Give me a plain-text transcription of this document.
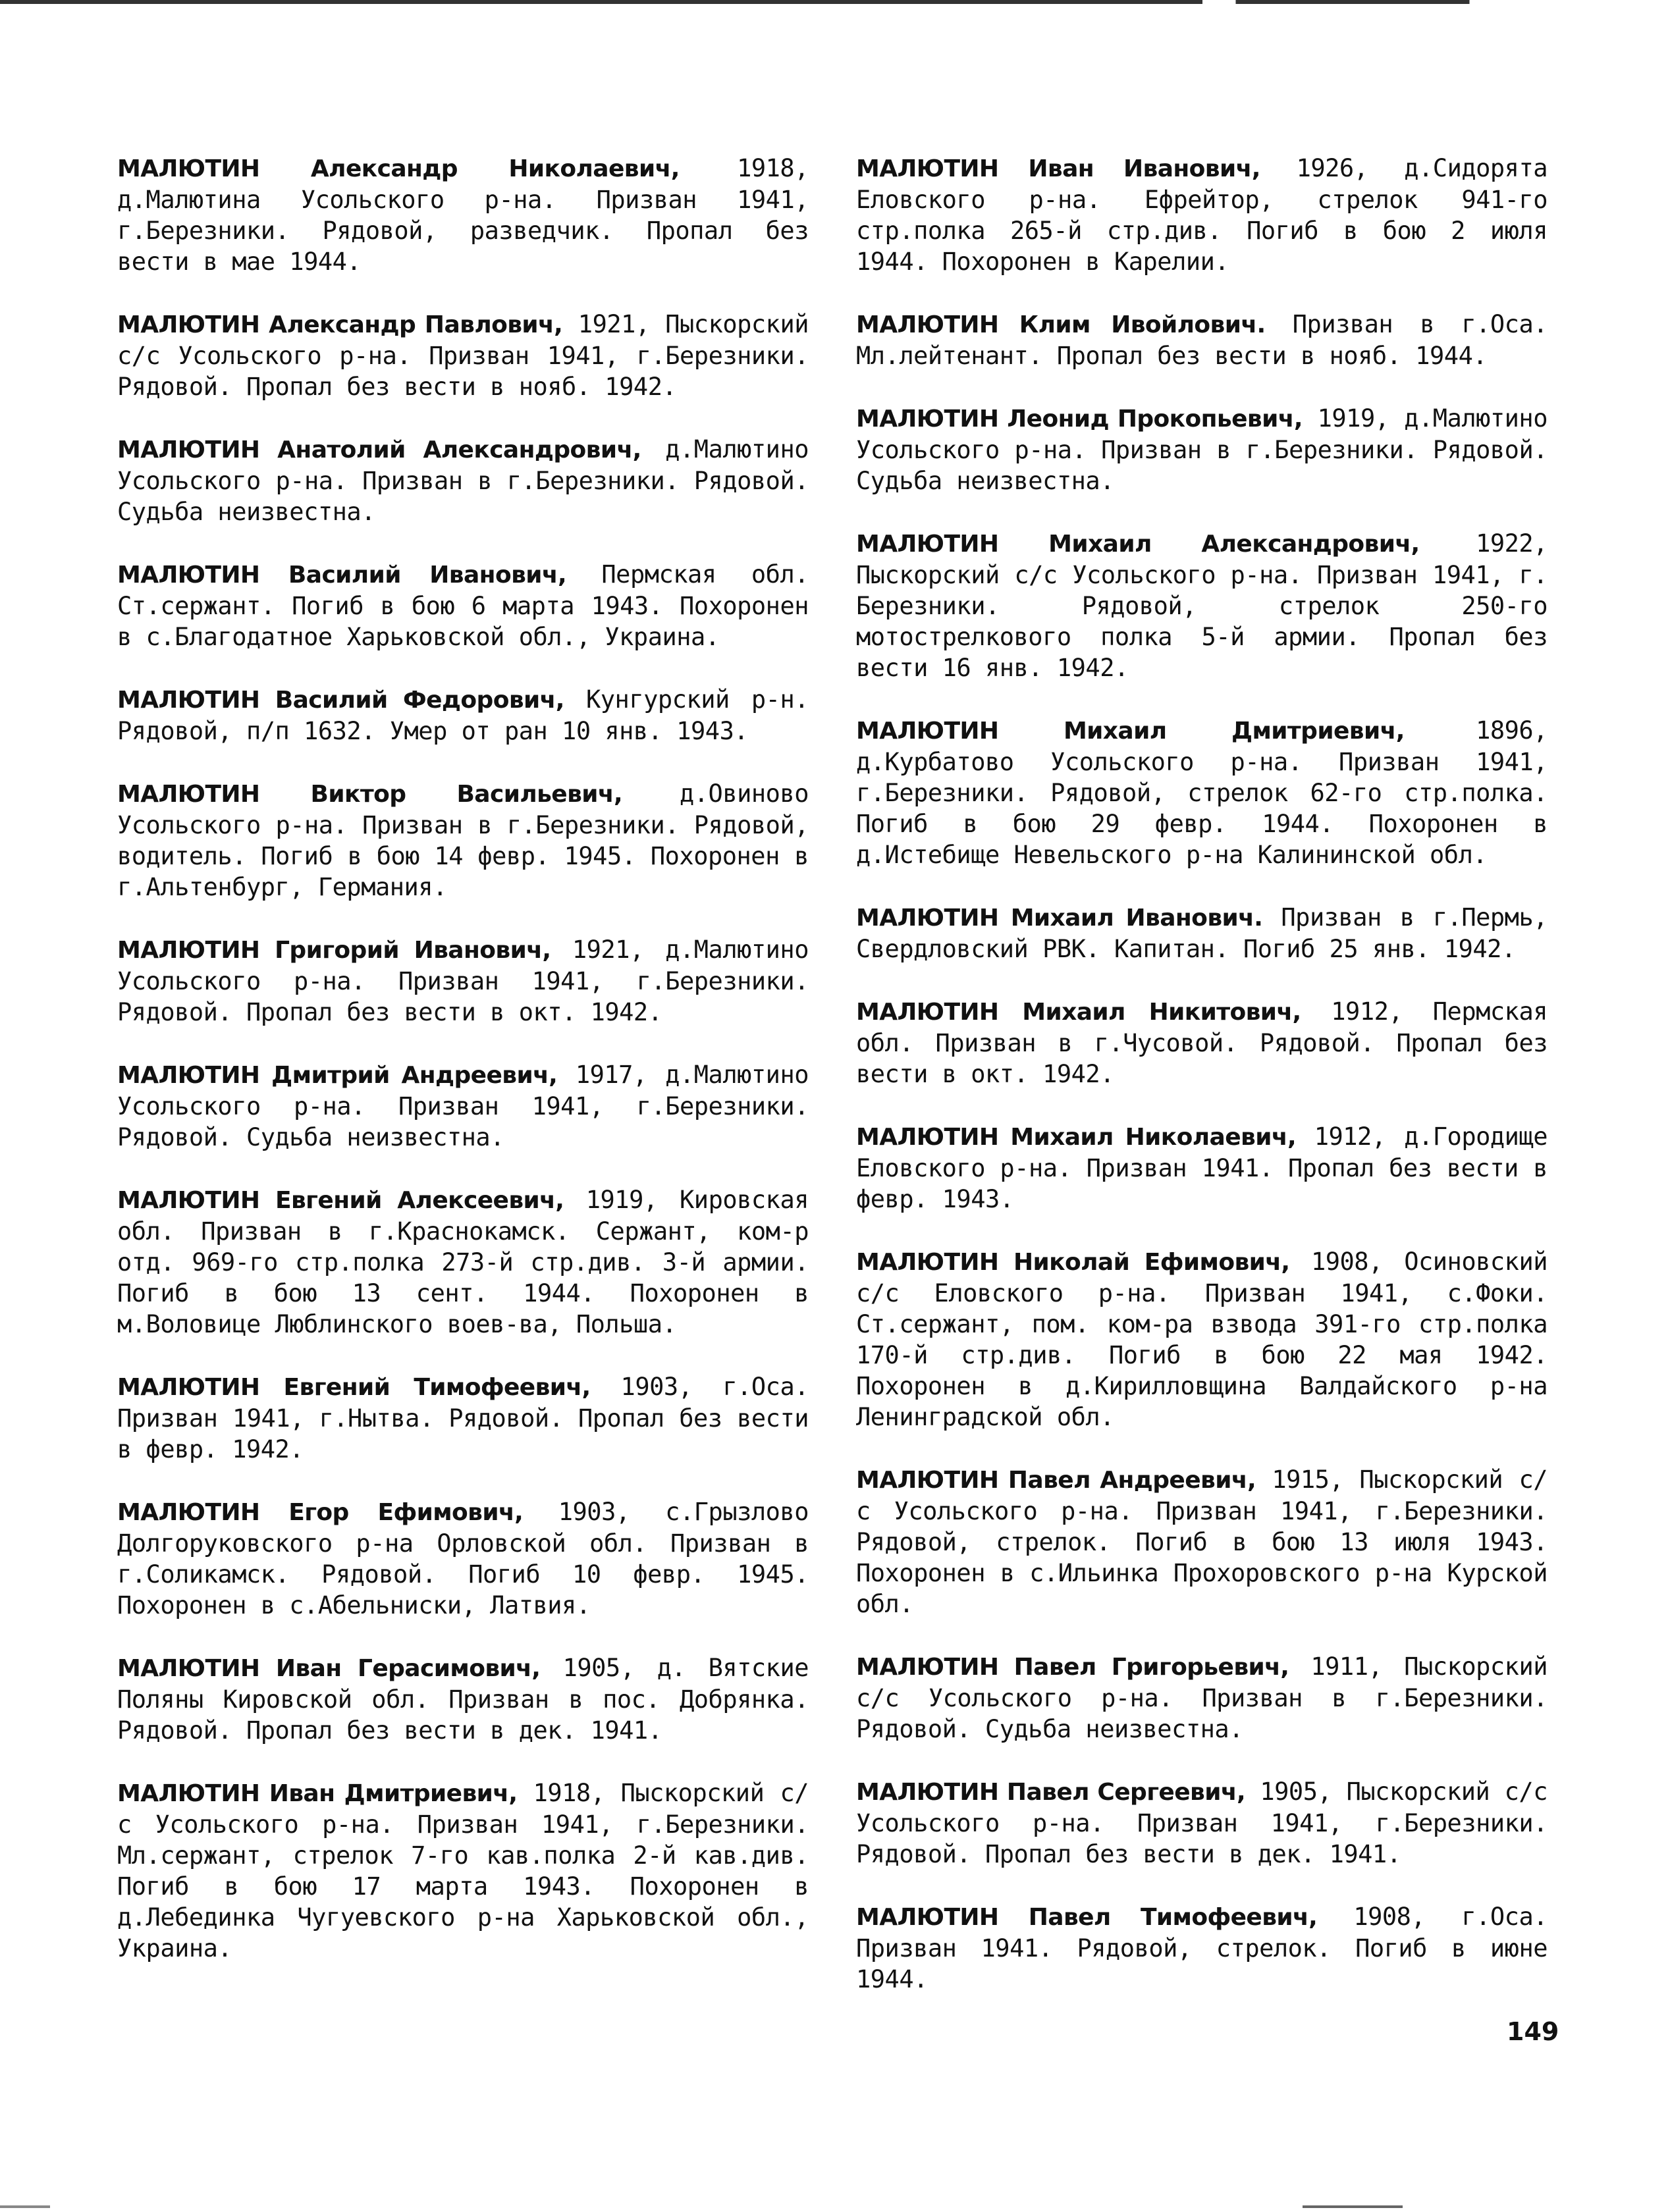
МАЛЮТИН Александр Николаевич, 1918, д.Малютина Усольского р-на. Призван 1941, г.Березники. Рядовой, разведчик. Пропал без вести в мае 1944.

МАЛЮТИН Александр Павлович, 1921, Пыскорский с/с Усольского р-на. Призван 1941, г.Березники. Рядовой. Пропал без вести в нояб. 1942.

МАЛЮТИН Анатолий Александрович, д.Малютино Усольского р-на. Призван в г.Березники. Рядовой. Судьба неизвестна.

МАЛЮТИН Василий Иванович, Пермская обл. Ст.сержант. Погиб в бою 6 марта 1943. Похоронен в с.Благодатное Харьковской обл., Украина.

МАЛЮТИН Василий Федорович, Кунгурский р-н. Рядовой, п/п 1632. Умер от ран 10 янв. 1943.

МАЛЮТИН Виктор Васильевич, д.Овиново Усольского р-на. Призван в г.Березники. Рядовой, водитель. Погиб в бою 14 февр. 1945. Похоронен в г.Альтенбург, Германия.

МАЛЮТИН Григорий Иванович, 1921, д.Малютино Усольского р-на. Призван 1941, г.Березники. Рядовой. Пропал без вести в окт. 1942.

МАЛЮТИН Дмитрий Андреевич, 1917, д.Малютино Усольского р-на. Призван 1941, г.Березники. Рядовой. Судьба неизвестна.

МАЛЮТИН Евгений Алексеевич, 1919, Кировская обл. Призван в г.Краснокамск. Сержант, ком-р отд. 969-го стр.полка 273-й стр.див. 3-й армии. Погиб в бою 13 сент. 1944. Похоронен в м.Воловице Люблинского воев-ва, Польша.

МАЛЮТИН Евгений Тимофеевич, 1903, г.Оса. Призван 1941, г.Нытва. Рядовой. Пропал без вести в февр. 1942.

МАЛЮТИН Егор Ефимович, 1903, с.Грызлово Долгоруковского р-на Орловской обл. Призван в г.Соликамск. Рядовой. Погиб 10 февр. 1945. Похоронен в с.Абельниски, Латвия.

МАЛЮТИН Иван Герасимович, 1905, д. Вятские Поляны Кировской обл. Призван в пос. Добрянка. Рядовой. Пропал без вести в дек. 1941.

МАЛЮТИН Иван Дмитриевич, 1918, Пыскорский с/с Усольского р-на. Призван 1941, г.Березники. Мл.сержант, стрелок 7-го кав.полка 2-й кав.див. Погиб в бою 17 марта 1943. Похоронен в д.Лебединка Чугуевского р-на Харьковской обл., Украина.

МАЛЮТИН Иван Иванович, 1926, д.Сидорята Еловского р-на. Ефрейтор, стрелок 941-го стр.полка 265-й стр.див. Погиб в бою 2 июля 1944. Похоронен в Карелии.

МАЛЮТИН Клим Ивойлович. Призван в г.Оса. Мл.лейтенант. Пропал без вести в нояб. 1944.

МАЛЮТИН Леонид Прокопьевич, 1919, д.Малютино Усольского р-на. Призван в г.Березники. Рядовой. Судьба неизвестна.

МАЛЮТИН Михаил Александрович, 1922, Пыскорский с/с Усольского р-на. Призван 1941, г. Березники. Рядовой, стрелок 250-го мотострелкового полка 5-й армии. Пропал без вести 16 янв. 1942.

МАЛЮТИН Михаил Дмитриевич,	1896, д.Курбатово Усольского р-на. Призван 1941, г.Березники. Рядовой, стрелок 62-го стр.полка. Погиб в бою 29 февр. 1944. Похоронен в д.Истебище Невельского р-на Калининской обл.

МАЛЮТИН Михаил Иванович. Призван в г.Пермь, Свердловский РВК. Капитан. Погиб 25 янв. 1942.

МАЛЮТИН Михаил Никитович, 1912, Пермская обл. Призван в г.Чусовой. Рядовой. Пропал без вести в окт. 1942.

МАЛЮТИН Михаил Николаевич, 1912, д.Городище Еловского р-на. Призван 1941. Пропал без вести в февр. 1943.

МАЛЮТИН Николай Ефимович, 1908, Осиновский с/с Еловского р-на. Призван 1941, с.Фоки. Ст.сержант, пом. ком-ра взвода 391-го стр.полка 170-й стр.див. Погиб в бою 22 мая 1942. Похоронен в д.Кирилловщина Валдайского р-на Ленинградской обл.

МАЛЮТИН Павел Андреевич, 1915, Пыскорский с/с Усольского р-на. Призван 1941, г.Березники. Рядовой, стрелок. Погиб в бою 13 июля 1943. Похоронен в с.Ильинка Прохоровского р-на Курской обл.

МАЛЮТИН Павел Григорьевич, 1911, Пыскорский с/с Усольского р-на. Призван в г.Березники. Рядовой. Судьба неизвестна.

МАЛЮТИН Павел Сергеевич, 1905, Пыскорский с/с Усольского р-на. Призван 1941, г.Березники. Рядовой. Пропал без вести в дек. 1941.

МАЛЮТИН Павел Тимофеевич, 1908, г.Оса. Призван 1941. Рядовой, стрелок. Погиб в июне 1944.

149
